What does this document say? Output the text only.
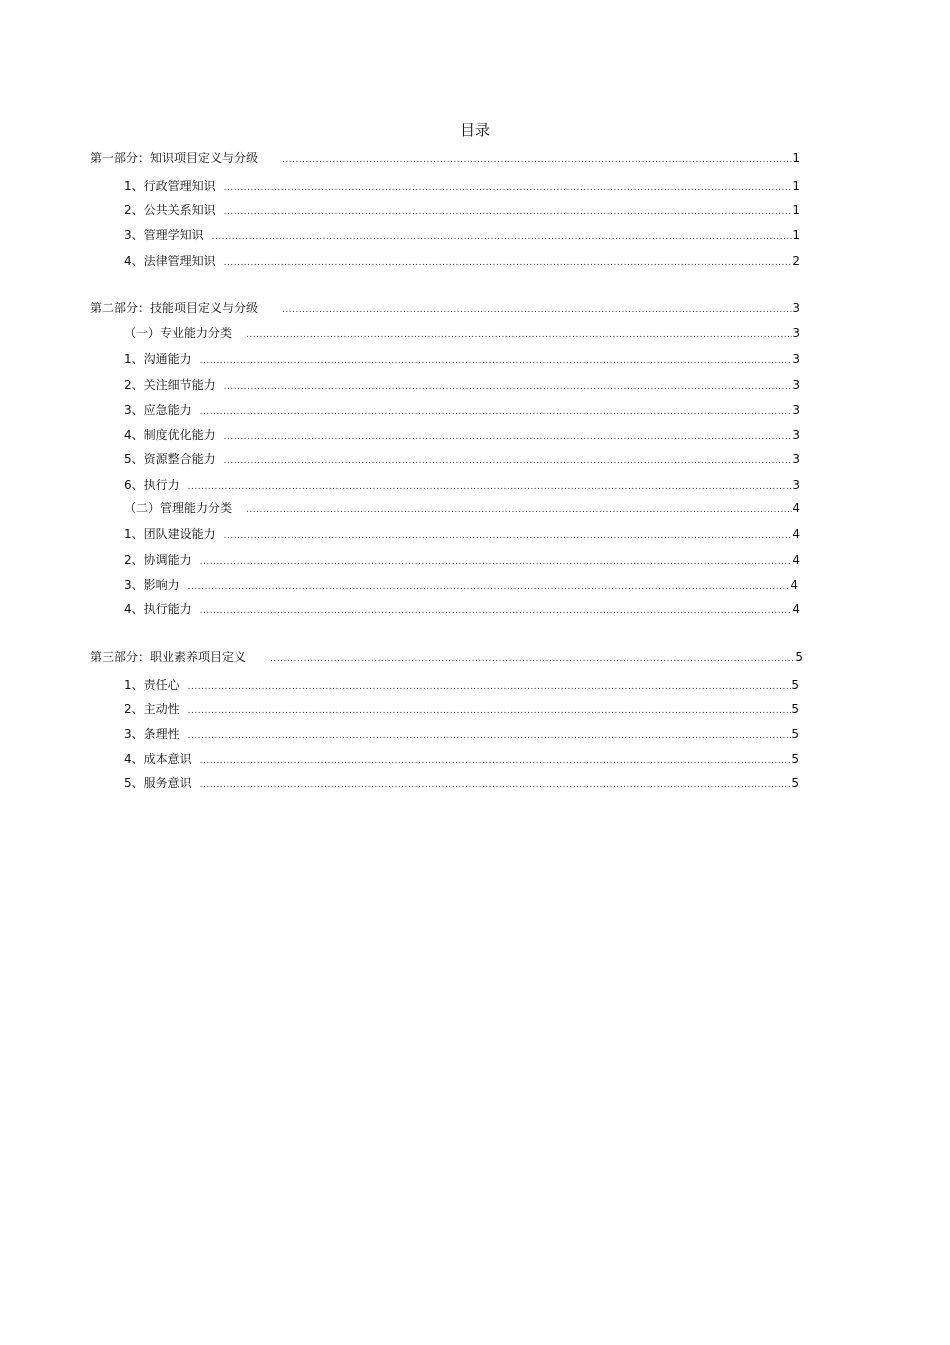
目录
第一部分：知识项目定义与分级 .....	1
1、行政管理知识 .....	1
2、公共关系知识 .....	1
3、管理学知识 .....	1
4、法律管理知识 .....	2
第二部分：技能项目定义与分级 .....	3
（一）专业能力分类 .....	3
1、沟通能力 .....	3
2、关注细节能力 .....	3
3、应急能力 .....	3
4、制度优化能力 .....	3
5、资源整合能力 .....	3
6、执行力 .....	3
（二）管理能力分类 .....	4
1、团队建设能力 .....	4
2、协调能力 .....	4
3、影响力 .....	4
4、执行能力 .....	4
第三部分：职业素养项目定义 .....	5
1、责任心 .....	5
2、主动性 .....	5
3、条理性 .....	5
4、成本意识 .....	5
5、服务意识 .....	5
